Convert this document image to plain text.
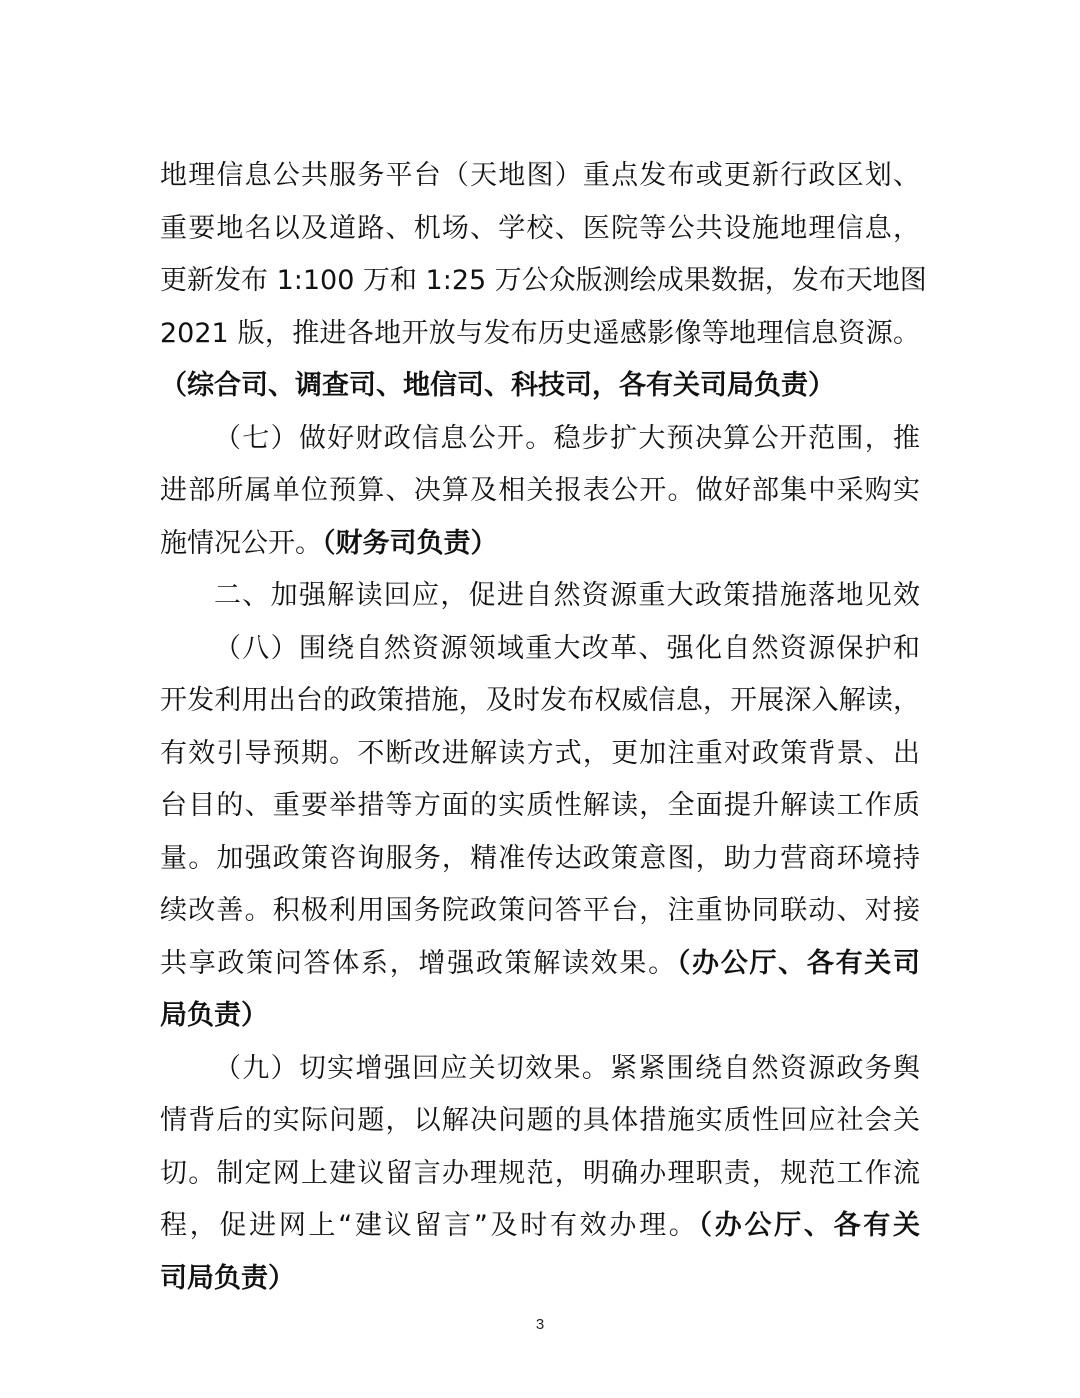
地理信息公共服务平台（天地图）重点发布或更新行政区划、
重要地名以及道路、机场、学校、医院等公共设施地理信息，
更新发布 1:100 万和 1:25 万公众版测绘成果数据，发布天地图
2021 版，推进各地开放与发布历史遥感影像等地理信息资源。
（综合司、调查司、地信司、科技司，各有关司局负责）
（七）做好财政信息公开。稳步扩大预决算公开范围，推
进部所属单位预算、决算及相关报表公开。做好部集中采购实
施情况公开。（财务司负责）
二、加强解读回应，促进自然资源重大政策措施落地见效
（八）围绕自然资源领域重大改革、强化自然资源保护和
开发利用出台的政策措施，及时发布权威信息，开展深入解读，
有效引导预期。不断改进解读方式，更加注重对政策背景、出
台目的、重要举措等方面的实质性解读，全面提升解读工作质
量。加强政策咨询服务，精准传达政策意图，助力营商环境持
续改善。积极利用国务院政策问答平台，注重协同联动、对接
共享政策问答体系，增强政策解读效果。（办公厅、各有关司
局负责）
（九）切实增强回应关切效果。紧紧围绕自然资源政务舆
情背后的实际问题，以解决问题的具体措施实质性回应社会关
切。制定网上建议留言办理规范，明确办理职责，规范工作流
程，促进网上“建议留言”及时有效办理。（办公厅、各有关
司局负责）
3
